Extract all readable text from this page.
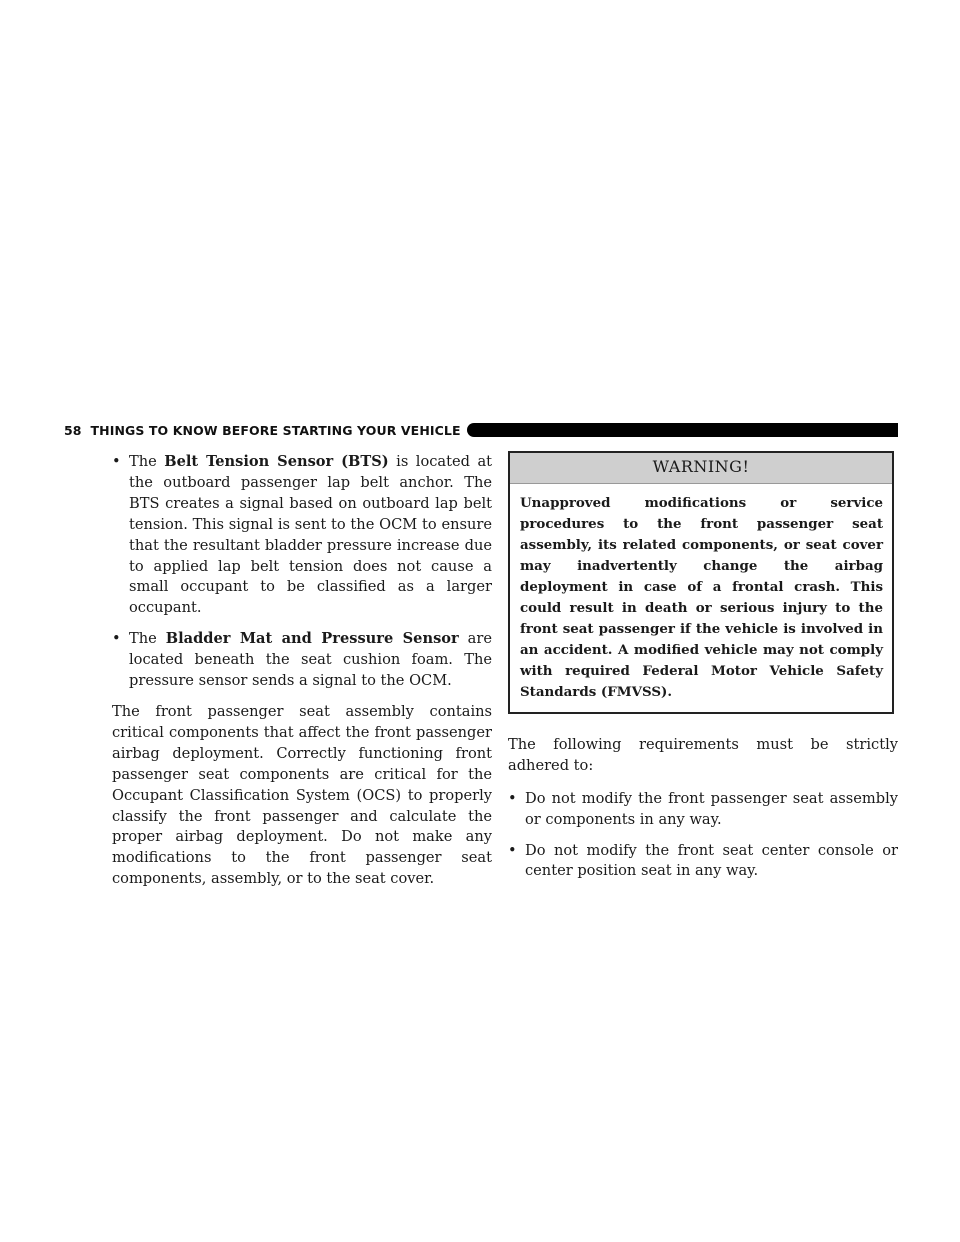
58 THINGS TO KNOW BEFORE STARTING YOUR VEHICLE
• The Belt Tension Sensor (BTS) is located at the outboard passenger lap belt anchor. The BTS creates a signal based on outboard lap belt tension. This signal is sent to the OCM to ensure that the resultant bladder pressure increase due to applied lap belt tension does not cause a small occupant to be classified as a larger occupant.
• The Bladder Mat and Pressure Sensor are located beneath the seat cushion foam. The pressure sensor sends a signal to the OCM.

The front passenger seat assembly contains critical components that affect the front passenger airbag deployment. Correctly functioning front passenger seat components are critical for the Occupant Classification System (OCS) to properly classify the front passenger and calculate the proper airbag deployment. Do not make any modifications to the front passenger seat components, assembly, or to the seat cover.

WARNING!
Unapproved modifications or service procedures to the front passenger seat assembly, its related components, or seat cover may inadvertently change the airbag deployment in case of a frontal crash. This could result in death or serious injury to the front seat passenger if the vehicle is involved in an accident. A modified vehicle may not comply with required Federal Motor Vehicle Safety Standards (FMVSS).

The following requirements must be strictly adhered to:

• Do not modify the front passenger seat assembly or components in any way.
• Do not modify the front seat center console or center position seat in any way.
